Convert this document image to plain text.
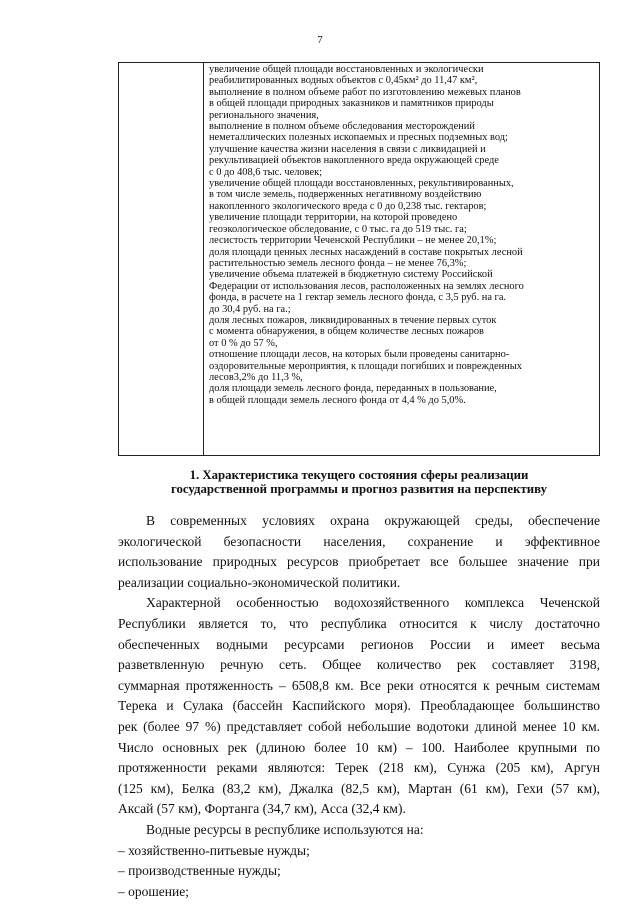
7
увеличение общей площади восстановленных и экологически
реабилитированных водных объектов с 0,45км² до 11,47 км²,
выполнение в полном объеме работ по изготовлению межевых планов
в общей площади природных заказников и памятников природы
регионального значения,
выполнение в полном объеме обследования месторождений
неметаллических полезных ископаемых и пресных подземных вод;
улучшение качества жизни населения в связи с ликвидацией и
рекультивацией объектов накопленного вреда окружающей среде
с 0 до 408,6 тыс. человек;
увеличение общей площади восстановленных, рекультивированных,
в том числе земель, подверженных негативному воздействию
накопленного экологического вреда с 0 до 0,238 тыс. гектаров;
увеличение площади территории, на которой проведено
геоэкологическое обследование, с 0 тыс. га до 519 тыс. га;
лесистость территории Чеченской Республики – не менее 20,1%;
доля площади ценных лесных насаждений в составе покрытых лесной
растительностью земель лесного фонда – не менее 76,3%;
увеличение объема платежей в бюджетную систему Российской
Федерации от использования лесов, расположенных на землях лесного
фонда, в расчете на 1 гектар земель лесного фонда, с 3,5 руб. на га.
до 30,4 руб. на га.;
доля лесных пожаров, ликвидированных в течение первых суток
с момента обнаружения, в общем количестве лесных пожаров
от 0 % до 57 %,
отношение площади лесов, на которых были проведены санитарно-
оздоровительные мероприятия, к площади погибших и поврежденных
лесов3,2% до 11,3 %,
доля площади земель лесного фонда, переданных в пользование,
в общей площади земель лесного фонда от 4,4 % до 5,0%.
1. Характеристика текущего состояния сферы реализации
государственной программы и прогноз развития на перспективу
В современных условиях охрана окружающей среды, обеспечение
экологической безопасности населения, сохранение и эффективное
использование природных ресурсов приобретает все большее значение при
реализации социально-экономической политики.
Характерной особенностью водохозяйственного комплекса Чеченской
Республики является то, что республика относится к числу достаточно
обеспеченных водными ресурсами регионов России и имеет весьма
разветвленную речную сеть. Общее количество рек составляет 3198,
суммарная протяженность – 6508,8 км. Все реки относятся к речным системам
Терека и Сулака (бассейн Каспийского моря). Преобладающее большинство
рек (более 97 %) представляет собой небольшие водотоки длиной менее 10 км.
Число основных рек (длиною более 10 км) – 100. Наиболее крупными по
протяженности реками являются: Терек (218 км), Сунжа (205 км), Аргун
(125 км), Белка (83,2 км), Джалка (82,5 км), Мартан (61 км), Гехи (57 км),
Аксай (57 км), Фортанга (34,7 км), Асса (32,4 км).
Водные ресурсы в республике используются на:
– хозяйственно-питьевые нужды;
– производственные нужды;
– орошение;
